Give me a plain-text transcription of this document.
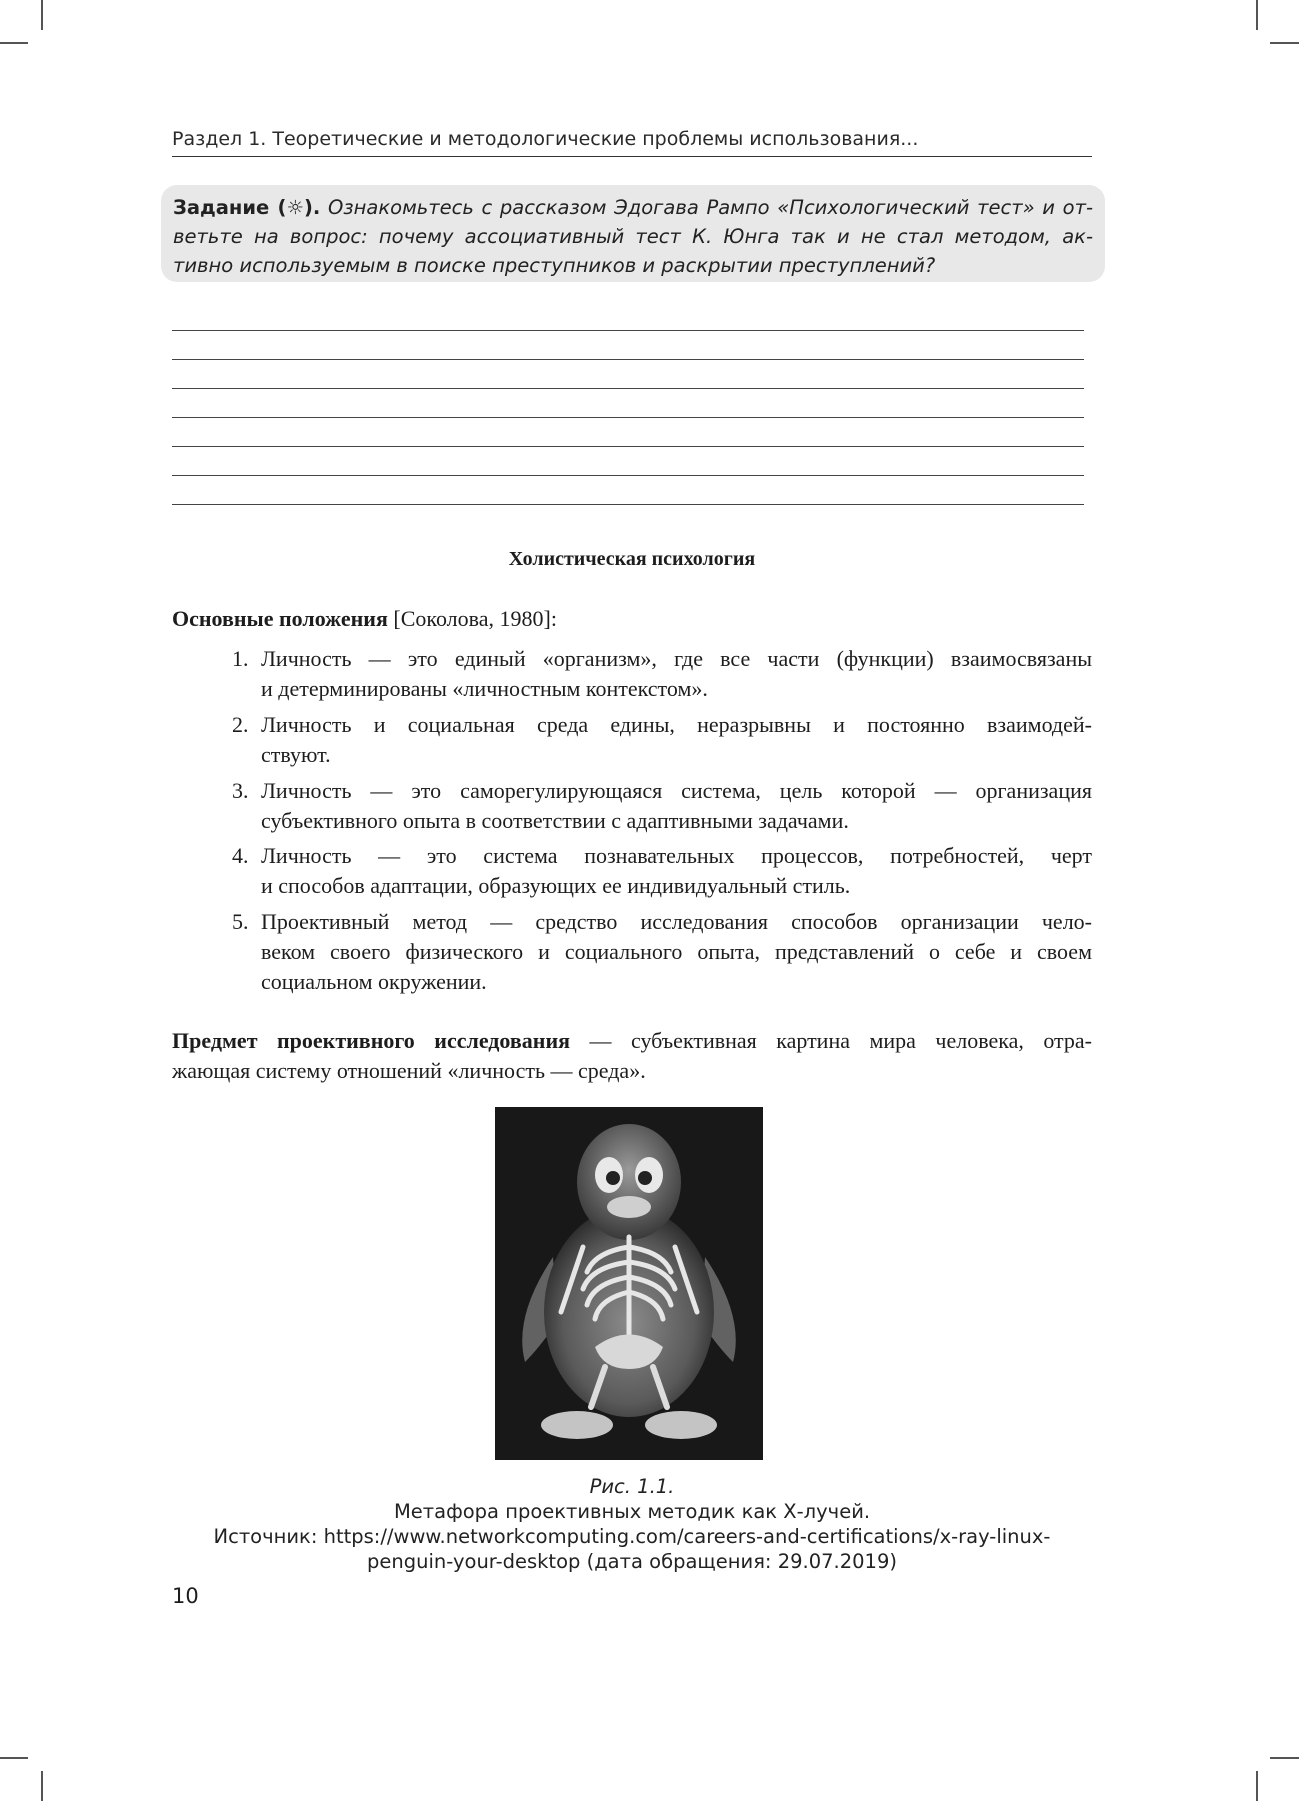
Раздел 1. Теоретические и методологические проблемы использования...
Задание (☼). Ознакомьтесь с рассказом Эдогава Рампо «Психологический тест» и от-
ветьте на вопрос: почему ассоциативный тест К. Юнга так и не стал методом, ак-
тивно используемым в поиске преступников и раскрытии преступлений?
Холистическая психология
Основные положения [Соколова, 1980]:
1. Личность — это единый «организм», где все части (функции) взаимосвязаны
и детерминированы «личностным контекстом».
2. Личность и социальная среда едины, неразрывны и постоянно взаимодей-
ствуют.
3. Личность — это саморегулирующаяся система, цель которой — организация
субъективного опыта в соответствии с адаптивными задачами.
4. Личность — это система познавательных процессов, потребностей, черт
и способов адаптации, образующих ее индивидуальный стиль.
5. Проективный метод — средство исследования способов организации чело-
веком своего физического и социального опыта, представлений о себе и своем
социальном окружении.
Предмет проективного исследования — субъективная картина мира человека, отра-
жающая систему отношений «личность — среда».
Рис. 1.1.
Метафора проективных методик как Х-лучей.
Источник: https://www.networkcomputing.com/careers-and-certifications/x-ray-linux-
penguin-your-desktop (дата обращения: 29.07.2019)
10
